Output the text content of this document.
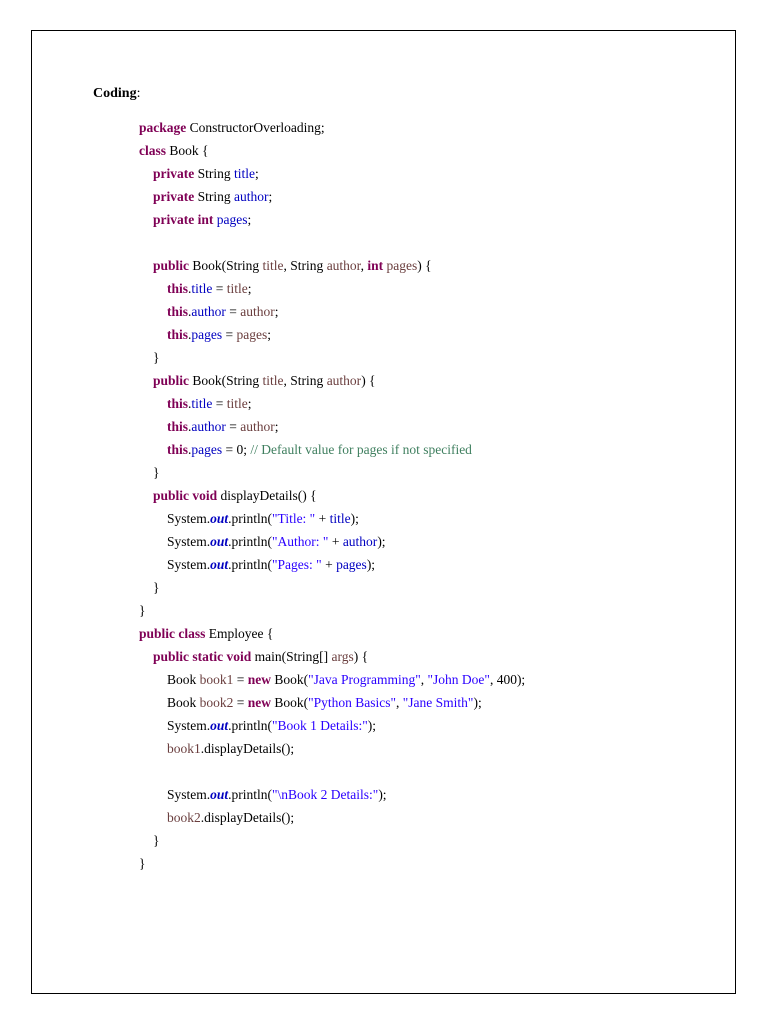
Coding:
package ConstructorOverloading;
class Book {
private String title;
private String author;
private int pages;
public Book(String title, String author, int pages) {
this.title = title;
this.author = author;
this.pages = pages;
}
public Book(String title, String author) {
this.title = title;
this.author = author;
this.pages = 0; // Default value for pages if not specified
}
public void displayDetails() {
System.out.println("Title: " + title);
System.out.println("Author: " + author);
System.out.println("Pages: " + pages);
}
}
public class Employee {
public static void main(String[] args) {
Book book1 = new Book("Java Programming", "John Doe", 400);
Book book2 = new Book("Python Basics", "Jane Smith");
System.out.println("Book 1 Details:");
book1.displayDetails();
System.out.println("\nBook 2 Details:");
book2.displayDetails();
}
}
